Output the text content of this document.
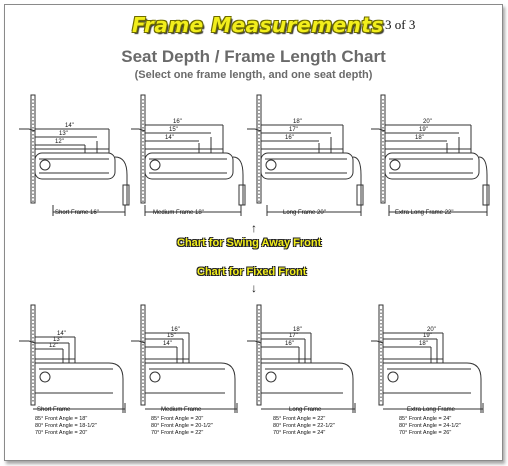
Frame Measurements 3 of 3
Seat Depth / Frame Length Chart
(Select one frame length, and one seat depth)
14"
13"
12"
Short Frame 16"
16"
15"
14"
Medium Frame 18"
18"
17"
16"
Long Frame 20"
20"
19"
18"
Extra Long Frame 22"
↑
Chart for Swing Away Front
Chart for Fixed Front
↓
14"
13"
12"
Short Frame
85° Front Angle = 18"
80° Front Angle = 18-1/2"
70° Front Angle = 20"
16"
15"
14"
Medium Frame
85° Front Angle = 20"
80° Front Angle = 20-1/2"
70° Front Angle = 22"
18"
17"
16"
Long Frame
85° Front Angle = 22"
80° Front Angle = 22-1/2"
70° Front Angle = 24"
20"
19"
18"
Extra Long Frame
85° Front Angle = 24"
80° Front Angle = 24-1/2"
70° Front Angle = 26"
